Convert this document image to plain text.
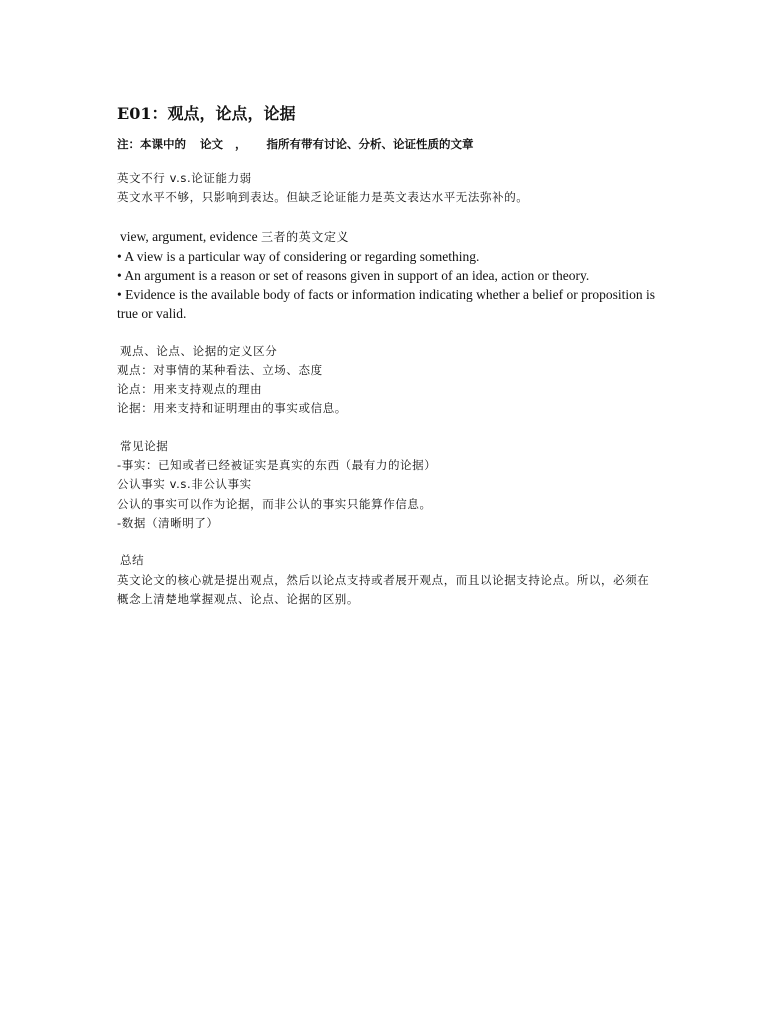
E01：观点，论点，论据
注：本课中的 论文 ， 指所有带有讨论、分析、论证性质的文章

英文不行 v.s.论证能力弱

英文水平不够，只影响到表达。但缺乏论证能力是英文表达水平无法弥补的。

view, argument, evidence 三者的英文定义

• A view is a particular way of considering or regarding something.

• An argument is a reason or set of reasons given in support of an idea, action or theory.

• Evidence is the available body of facts or information indicating whether a belief or proposition is true or valid.

观点、论点、论据的定义区分

观点：对事情的某种看法、立场、态度

论点：用来支持观点的理由

论据：用来支持和证明理由的事实或信息。

常见论据

-事实：已知或者已经被证实是真实的东西（最有力的论据）

公认事实 v.s.非公认事实

公认的事实可以作为论据，而非公认的事实只能算作信息。

-数据（清晰明了）

总结

英文论文的核心就是提出观点，然后以论点支持或者展开观点，而且以论据支持论点。所以，必须在概念上清楚地掌握观点、论点、论据的区别。
